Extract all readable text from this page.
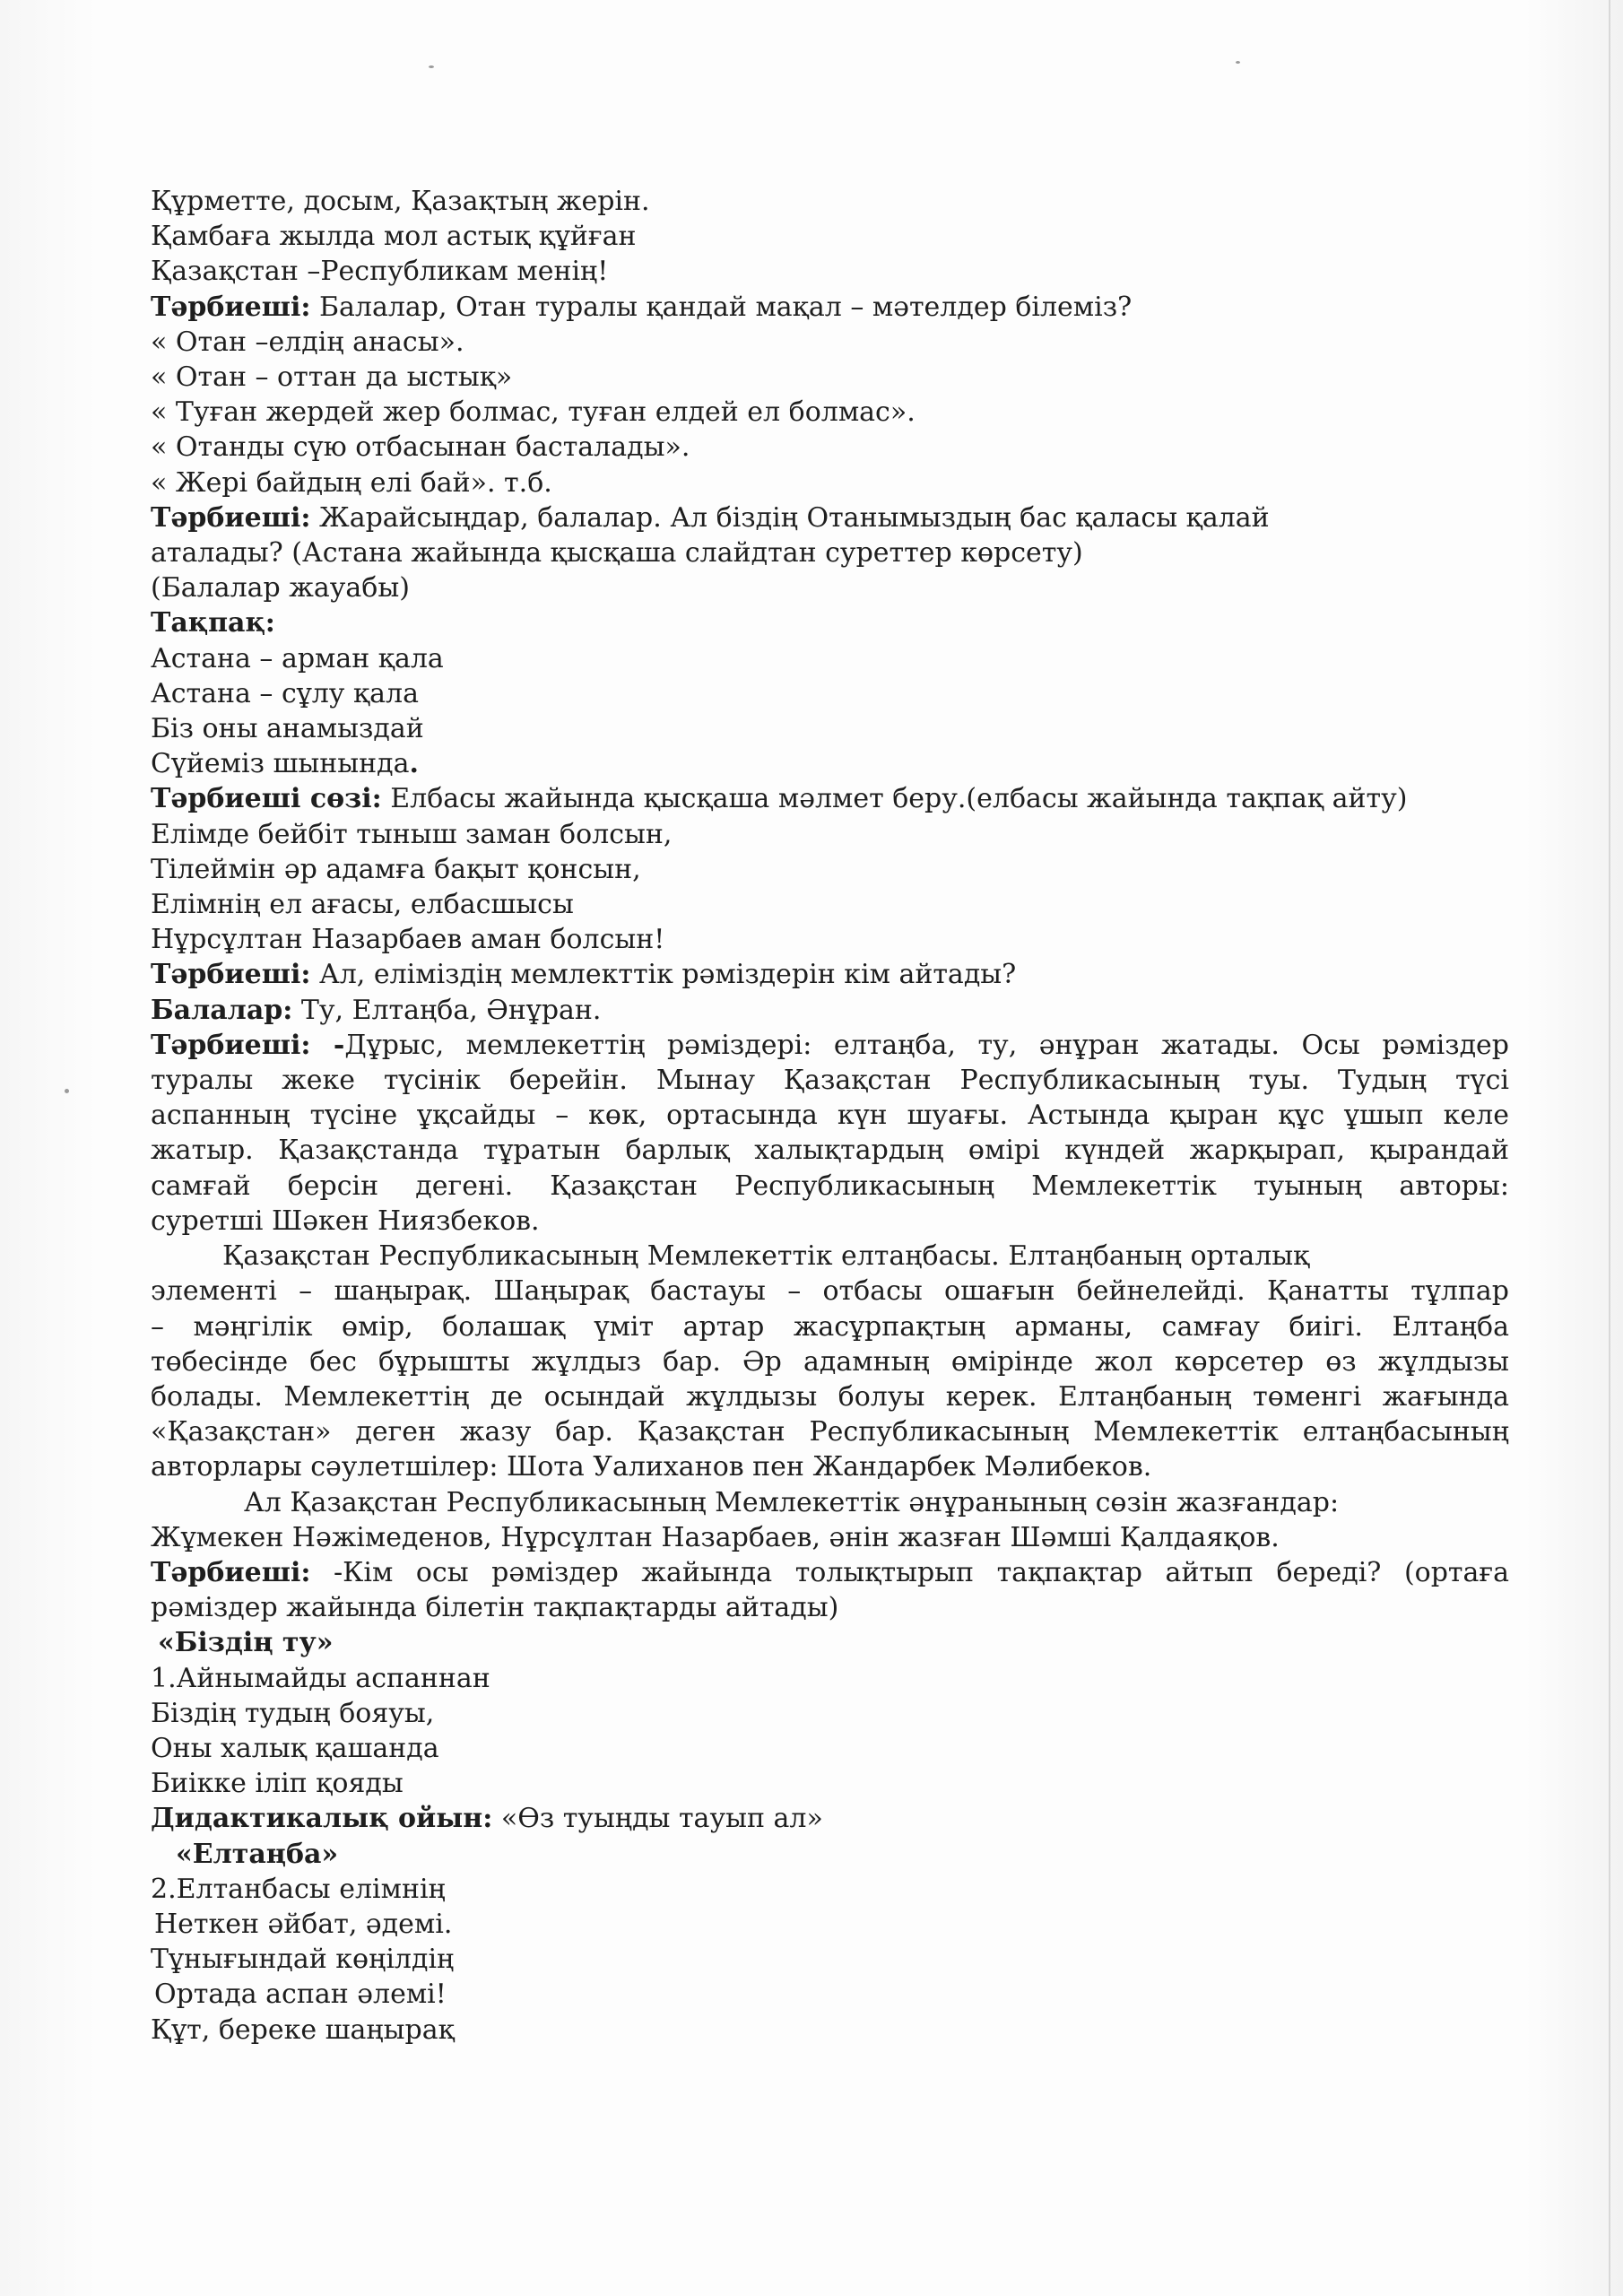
Құрметте, досым, Қазақтың жерін.
Қамбаға жылда мол астық құйған
Қазақстан –Республикам менің!
Тәрбиеші: Балалар, Отан туралы қандай мақал – мәтелдер білеміз?
« Отан –елдің анасы».
« Отан – оттан да ыстық»
« Туған жердей жер болмас, туған елдей ел болмас».
« Отанды сүю отбасынан басталады».
« Жері байдың елі бай». т.б.
Тәрбиеші: Жарайсыңдар, балалар. Ал біздің Отанымыздың бас қаласы қалай
аталады? (Астана жайында қысқаша слайдтан суреттер көрсету)
(Балалар жауабы)
Тақпақ:
Астана – арман қала
Астана – сұлу қала
Біз оны анамыздай
Сүйеміз шынында.
Тәрбиеші сөзі: Елбасы жайында қысқаша мәлмет беру.(елбасы жайында тақпақ айту)
Елімде бейбіт тыныш заман болсын,
Тілеймін әр адамға бақыт қонсын,
Елімнің ел ағасы, елбасшысы
Нұрсұлтан Назарбаев аман болсын!
Тәрбиеші: Ал, еліміздің мемлекттік рәміздерін кім айтады?
Балалар: Ту, Елтаңба, Әнұран.
Тәрбиеші: -Дұрыс, мемлекеттің рәміздері: елтаңба, ту, әнұран жатады. Осы рәміздер
туралы жеке түсінік берейін. Мынау Қазақстан Республикасының туы. Тудың түсі
аспанның түсіне ұқсайды – көк, ортасында күн шуағы. Астында қыран құс ұшып келе
жатыр. Қазақстанда тұратын барлық халықтардың өмірі күндей жарқырап, қырандай
самғай берсін дегені. Қазақстан Республикасының Мемлекеттік туының авторы:
суретші Шәкен Ниязбеков.
Қазақстан Республикасының Мемлекеттік елтаңбасы. Елтаңбаның орталық
элементі – шаңырақ. Шаңырақ бастауы – отбасы ошағын бейнелейді. Қанатты тұлпар
– мәңгілік өмір, болашақ үміт артар жасұрпақтың арманы, самғау биігі. Елтаңба
төбесінде бес бұрышты жұлдыз бар. Әр адамның өмірінде жол көрсетер өз жұлдызы
болады. Мемлекеттің де осындай жұлдызы болуы керек. Елтаңбаның төменгі жағында
«Қазақстан» деген жазу бар. Қазақстан Республикасының Мемлекеттік елтаңбасының
авторлары сәулетшілер: Шота Уалиханов пен Жандарбек Мәлибеков.
Ал Қазақстан Республикасының Мемлекеттік әнұранының сөзін жазғандар:
Жұмекен Нәжімеденов, Нұрсұлтан Назарбаев, әнін жазған Шәмші Қалдаяқов.
Тәрбиеші: -Кім осы рәміздер жайында толықтырып тақпақтар айтып береді? (ортаға
рәміздер жайында білетін тақпақтарды айтады)
«Біздің ту»
1.Айнымайды аспаннан
Біздің тудың бояуы,
Оны халық қашанда
Биікке іліп қояды
Дидактикалық ойын: «Өз туыңды тауып ал»
«Елтаңба»
2.Елтанбасы елімнің
Неткен әйбат, әдемі.
Тұнығындай көңілдің
Ортада аспан әлемі!
Құт, береке шаңырақ
